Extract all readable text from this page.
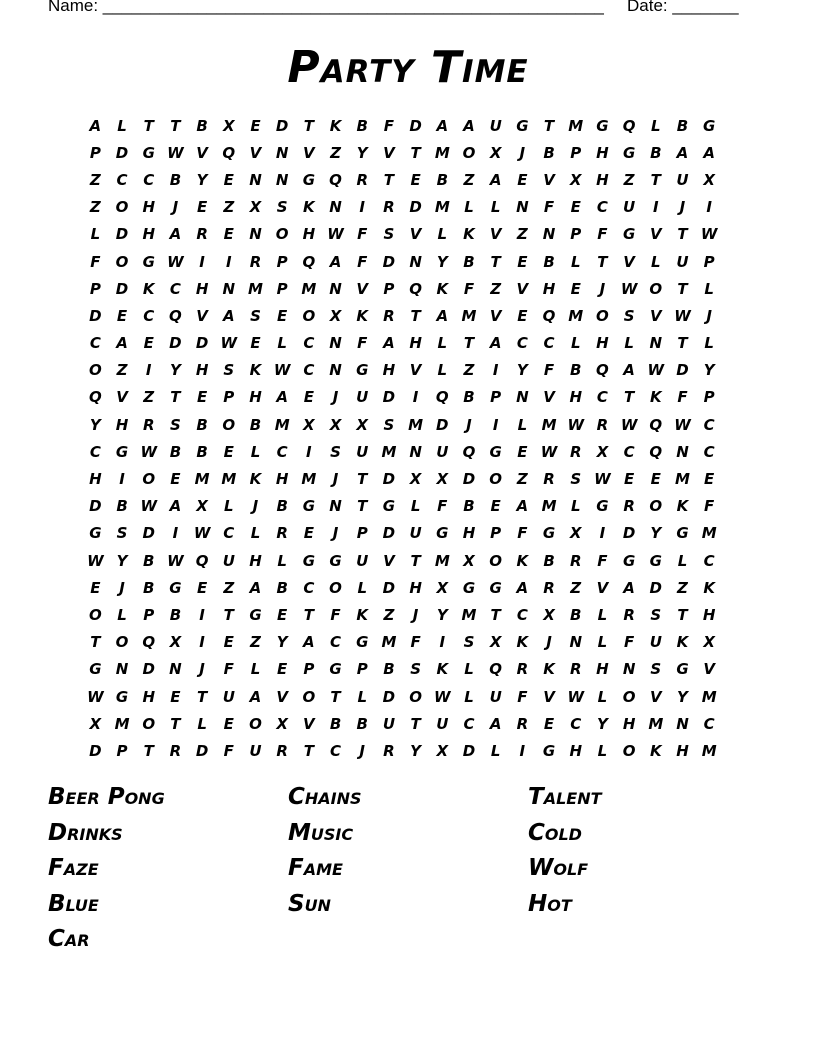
Name: _____________________________________________________ Date: _______
Party Time
A	L	T	T	B	X	E	D	T	K	B	F	D A	A U G	T M G Q	L	B G
P D G W V Q V N V	Z	Y	V	T M O X	J	B	P H G B	A	A
Z	C	C	B	Y	E	N N G Q R	T	E	B	Z	A	E	V	X H Z	T	U X
Z O H	J	E	Z	X	S	K N	I	R D M L	L	N	F	E	C	U	I	J	I
L	D H A	R	E	N O H W F	S	V	L	K	V	Z N P	F	G V	T W
F	O G W	I	I	R	P Q A	F	D N Y	B	T	E	B	L	T	V	L	U	P
P D K	C H N M P M N V	P Q K	F	Z	V H	E	J	W O	T	L
D	E	C Q V	A	S	E	O X	K	R	T	A M V	E	Q M O S	V W	J
C	A	E	D D W E	L	C N	F	A H	L	T	A	C	C	L	H	L	N	T	L
O Z	I	Y H	S	K W C N G H V	L	Z	I	Y	F	B Q A W D	Y
Q V	Z	T	E	P H A	E	J	U D	I	Q B	P N V H C	T	K	F	P
Y H R	S	B O B M X	X	X	S M D	J	I	L M W R W Q W C
C	G W B	B	E	L	C	I	S	U M N U Q G	E W R	X	C Q N C
H	I	O	E M M K H M	J	T	D X	X D O Z	R	S W E	E M E
D B W A	X	L	J	B G N	T	G	L	F	B	E	A M L	G R O K	F
G	S	D	I	W C	L	R	E	J	P D U G H P	F	G X	I	D	Y	G M
W Y	B W Q U H	L	G G U V	T M X O K	B	R	F	G G	L	C
E	J	B G	E	Z	A	B	C O	L	D H X G G A	R	Z	V	A D	Z	K
O	L	P	B	I	T	G	E	T	F	K	Z	J	Y M T	C	X	B	L	R	S	T	H
T	O Q X	I	E	Z	Y	A	C	G M F	I	S	X	K	J	N	L	F	U K	X
G N D N	J	F	L	E	P	G	P	B	S	K	L	Q R	K	R H N	S	G V
W G H	E	T	U A	V O	T	L	D O W L	U	F	V W L	O V	Y M
X M O	T	L	E	O X	V	B	B U	T	U	C	A	R	E	C	Y H M N C
D P	T	R D	F	U R	T	C	J	R	Y	X D	L	I	G H	L	O K H M
Beer Pong
Drinks
Faze
Blue
Car
Chains
Music
Fame
Sun
Talent
Cold
Wolf
Hot
